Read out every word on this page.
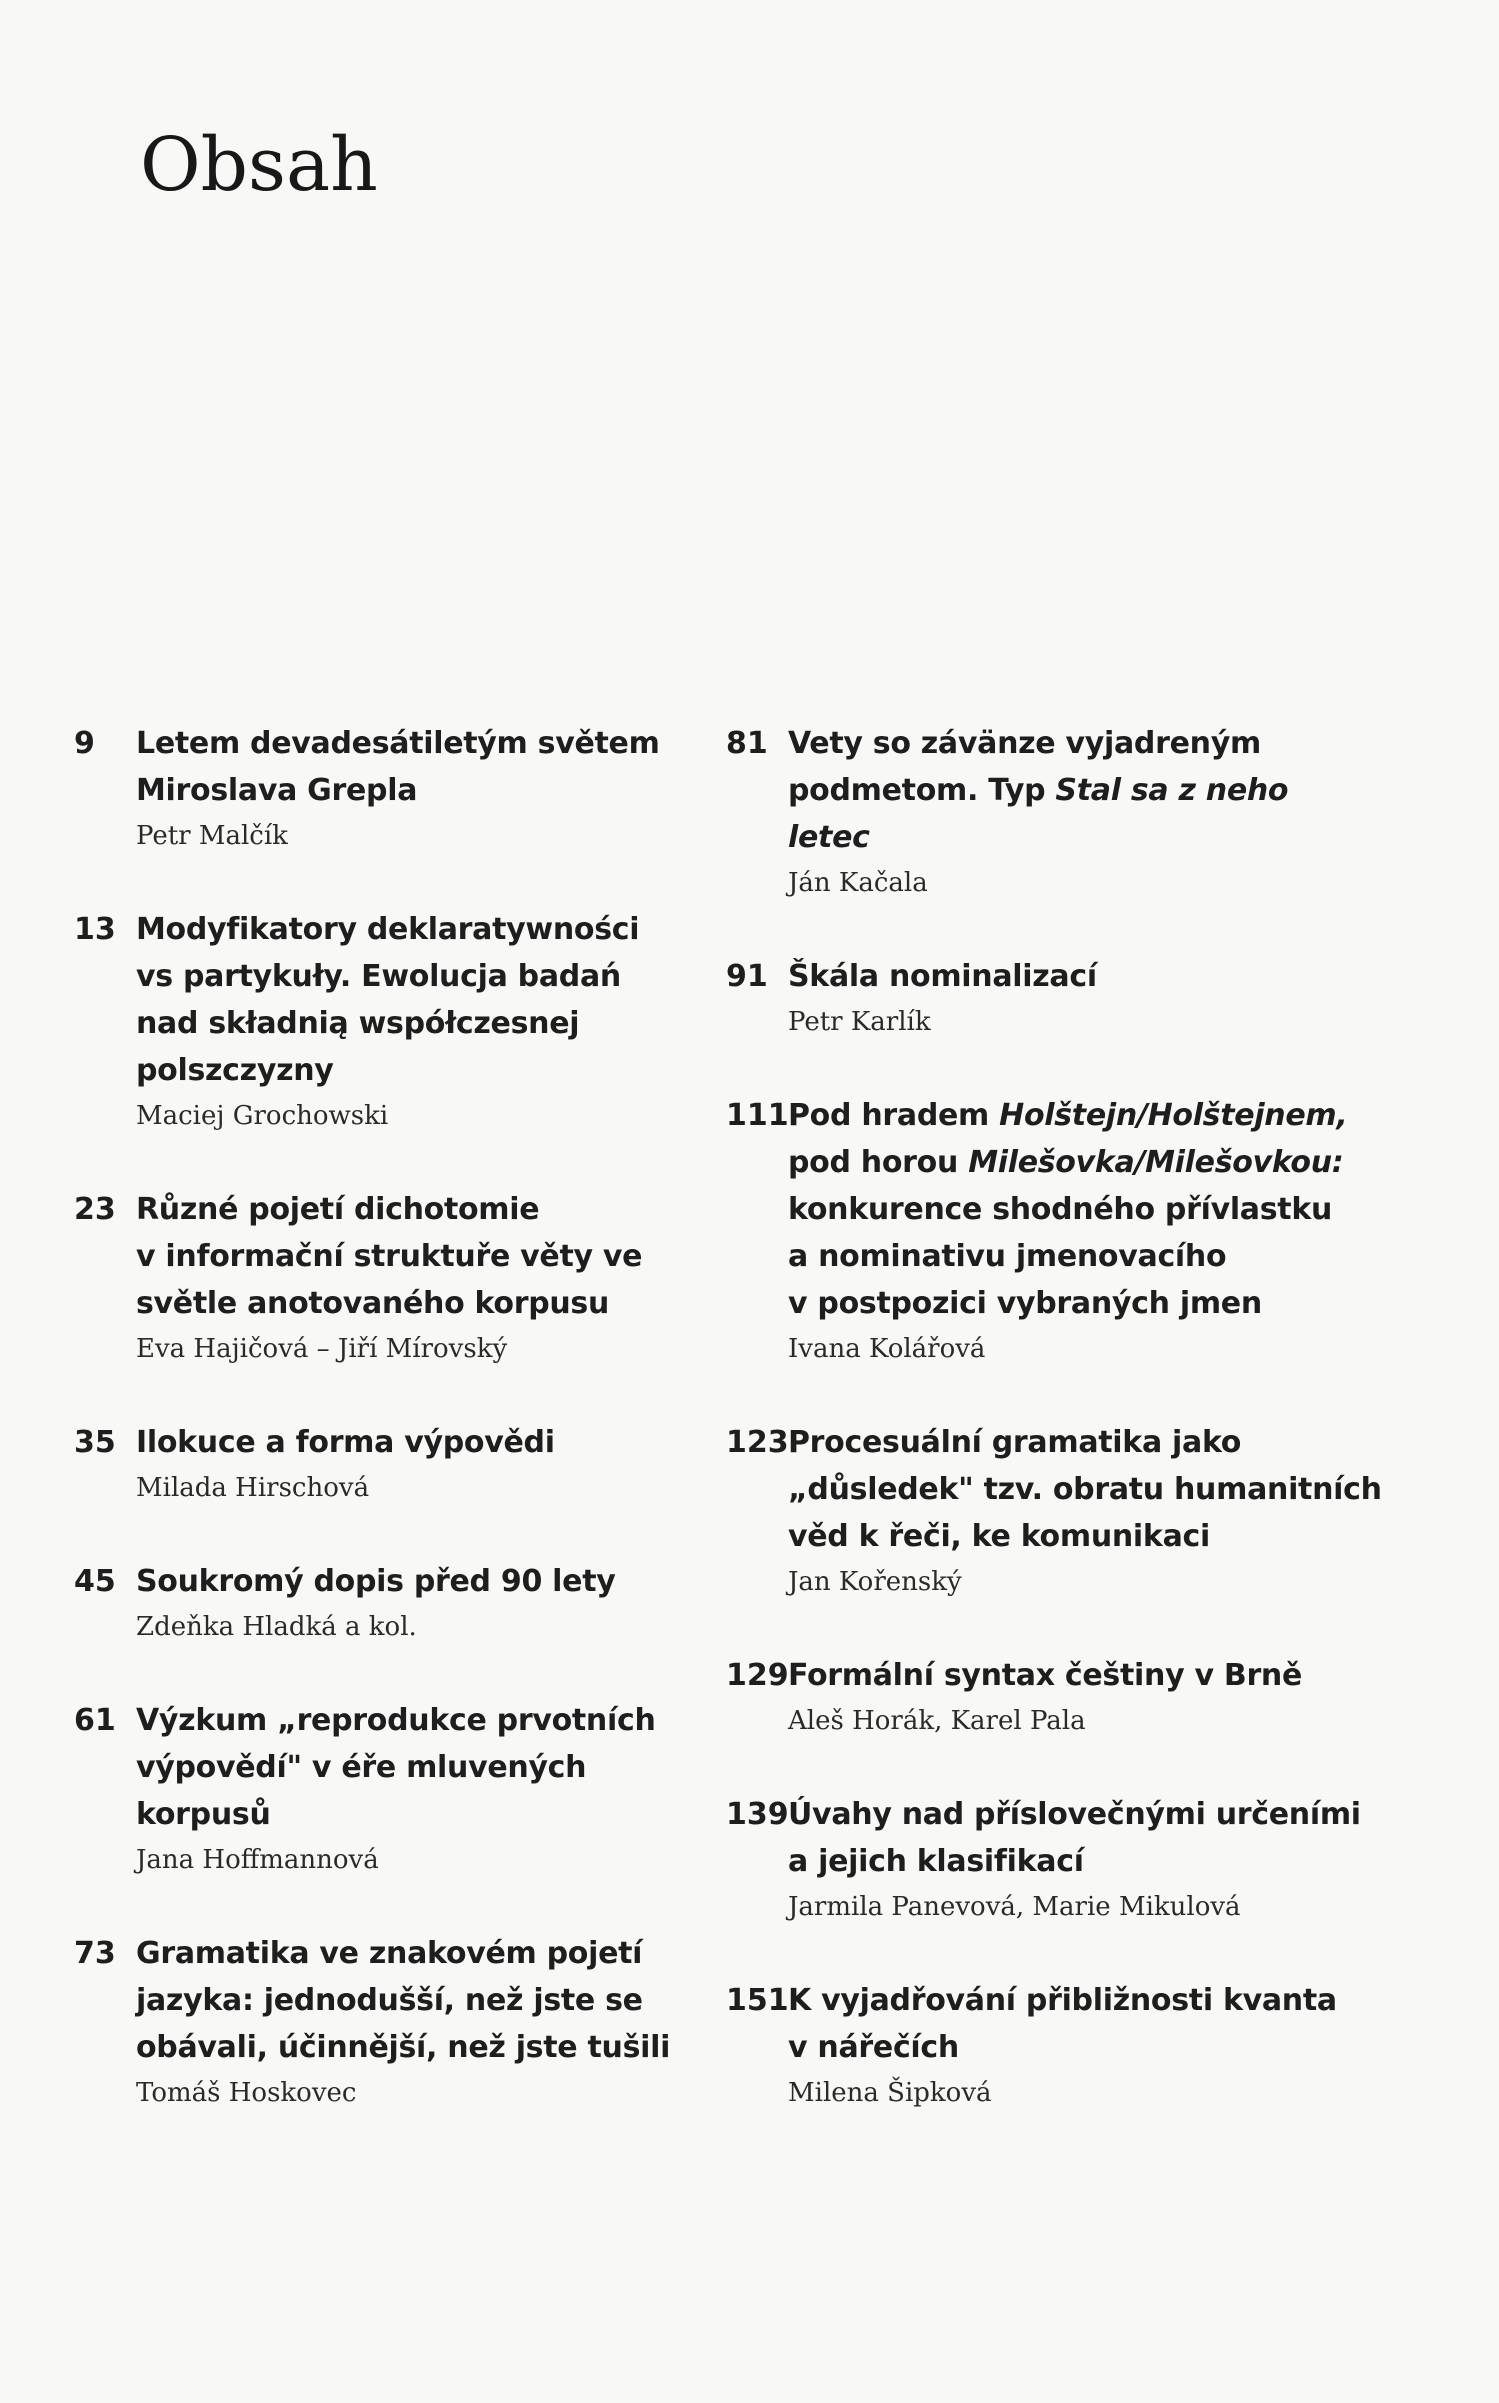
Obsah
9	Letem devadesátiletým světem
Miroslava Grepla
Petr Malčík
13 Modyfikatory deklaratywności
vs partykuły. Ewolucja badań
nad składnią współczesnej
polszczyzny
Maciej Grochowski
23 Různé pojetí dichotomie
v informační struktuře věty ve
světle anotovaného korpusu
Eva Hajičová – Jiří Mírovský
35 Ilokuce a forma výpovědi
Milada Hirschová
45 Soukromý dopis před 90 lety
Zdeňka Hladká a kol.
61 Výzkum „reprodukce prvotních
výpovědí" v éře mluvených
korpusů
Jana Hoffmannová
73 Gramatika ve znakovém pojetí
jazyka: jednodušší, než jste se
obávali, účinnější, než jste tušili
Tomáš Hoskovec
81 Vety so závänze vyjadreným
podmetom. Typ Stal sa z neho
letec
Ján Kačala
91 Škála nominalizací
Petr Karlík
111 Pod hradem Holštejn/Holštejnem,
pod horou Milešovka/Milešovkou:
konkurence shodného přívlastku
a nominativu jmenovacího
v postpozici vybraných jmen
Ivana Kolářová
123 Procesuální gramatika jako
„důsledek" tzv. obratu humanitních
věd k řeči, ke komunikaci
Jan Kořenský
129 Formální syntax češtiny v Brně
Aleš Horák, Karel Pala
139 Úvahy nad příslovečnými určeními
a jejich klasifikací
Jarmila Panevová, Marie Mikulová
151 K vyjadřování přibližnosti kvanta
v nářečích
Milena Šipková
